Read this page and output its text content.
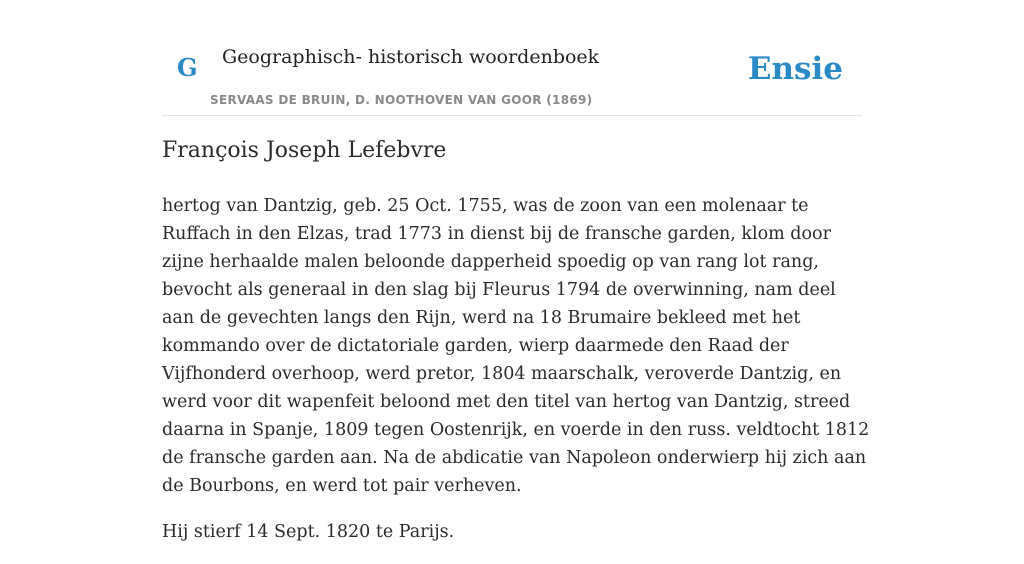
G Geographisch- historisch woordenboek
SERVAAS DE BRUIN, D. NOOTHOVEN VAN GOOR (1869)
Ensie
François Joseph Lefebvre

hertog van Dantzig, geb. 25 Oct. 1755, was de zoon van een molenaar te Ruffach in den Elzas, trad 1773 in dienst bij de fransche garden, klom door zijne herhaalde malen beloonde dapperheid spoedig op van rang lot rang, bevocht als generaal in den slag bij Fleurus 1794 de overwinning, nam deel aan de gevechten langs den Rijn, werd na 18 Brumaire bekleed met het kommando over de dictatoriale garden, wierp daarmede den Raad der Vijfhonderd overhoop, werd pretor, 1804 maarschalk, veroverde Dantzig, en werd voor dit wapenfeit beloond met den titel van hertog van Dantzig, streed daarna in Spanje, 1809 tegen Oostenrijk, en voerde in den russ. veldtocht 1812 de fransche garden aan. Na de abdicatie van Napoleon onderwierp hij zich aan de Bourbons, en werd tot pair verheven.

Hij stierf 14 Sept. 1820 te Parijs.
